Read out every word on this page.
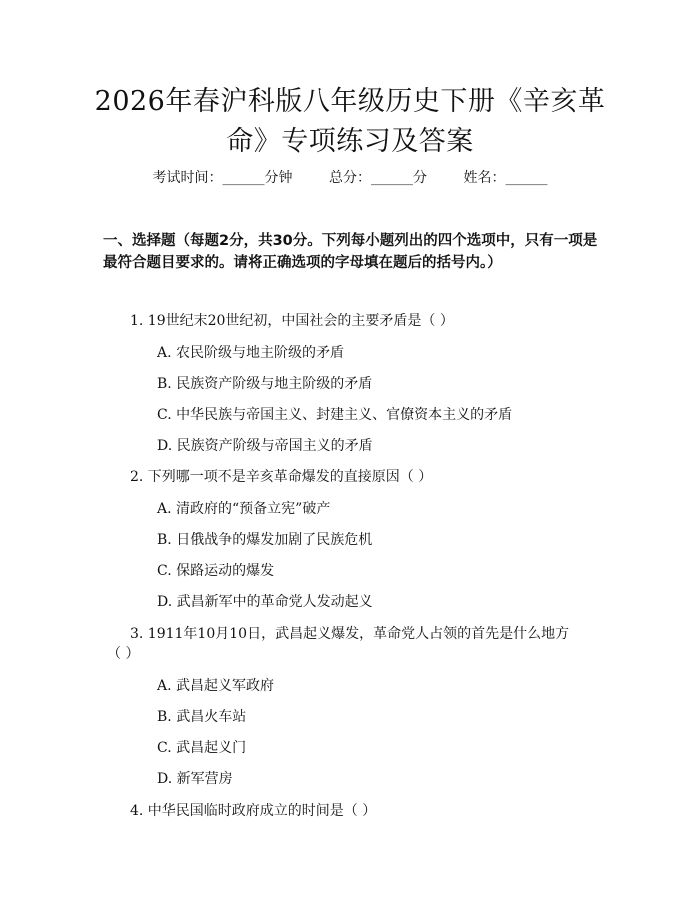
2026年春沪科版八年级历史下册《辛亥革命》专项练习及答案
考试时间：______分钟	总分：______分	姓名：______

一、选择题（每题2分，共30分。下列每小题列出的四个选项中，只有一项是最符合题目要求的。请将正确选项的字母填在题后的括号内。）

1. 19世纪末20世纪初，中国社会的主要矛盾是（ ）
A. 农民阶级与地主阶级的矛盾
B. 民族资产阶级与地主阶级的矛盾
C. 中华民族与帝国主义、封建主义、官僚资本主义的矛盾
D. 民族资产阶级与帝国主义的矛盾
2. 下列哪一项不是辛亥革命爆发的直接原因（ ）
A. 清政府的“预备立宪”破产
B. 日俄战争的爆发加剧了民族危机
C. 保路运动的爆发
D. 武昌新军中的革命党人发动起义
3. 1911年10月10日，武昌起义爆发，革命党人占领的首先是什么地方（ ）
A. 武昌起义军政府
B. 武昌火车站
C. 武昌起义门
D. 新军营房
4. 中华民国临时政府成立的时间是（ ）
